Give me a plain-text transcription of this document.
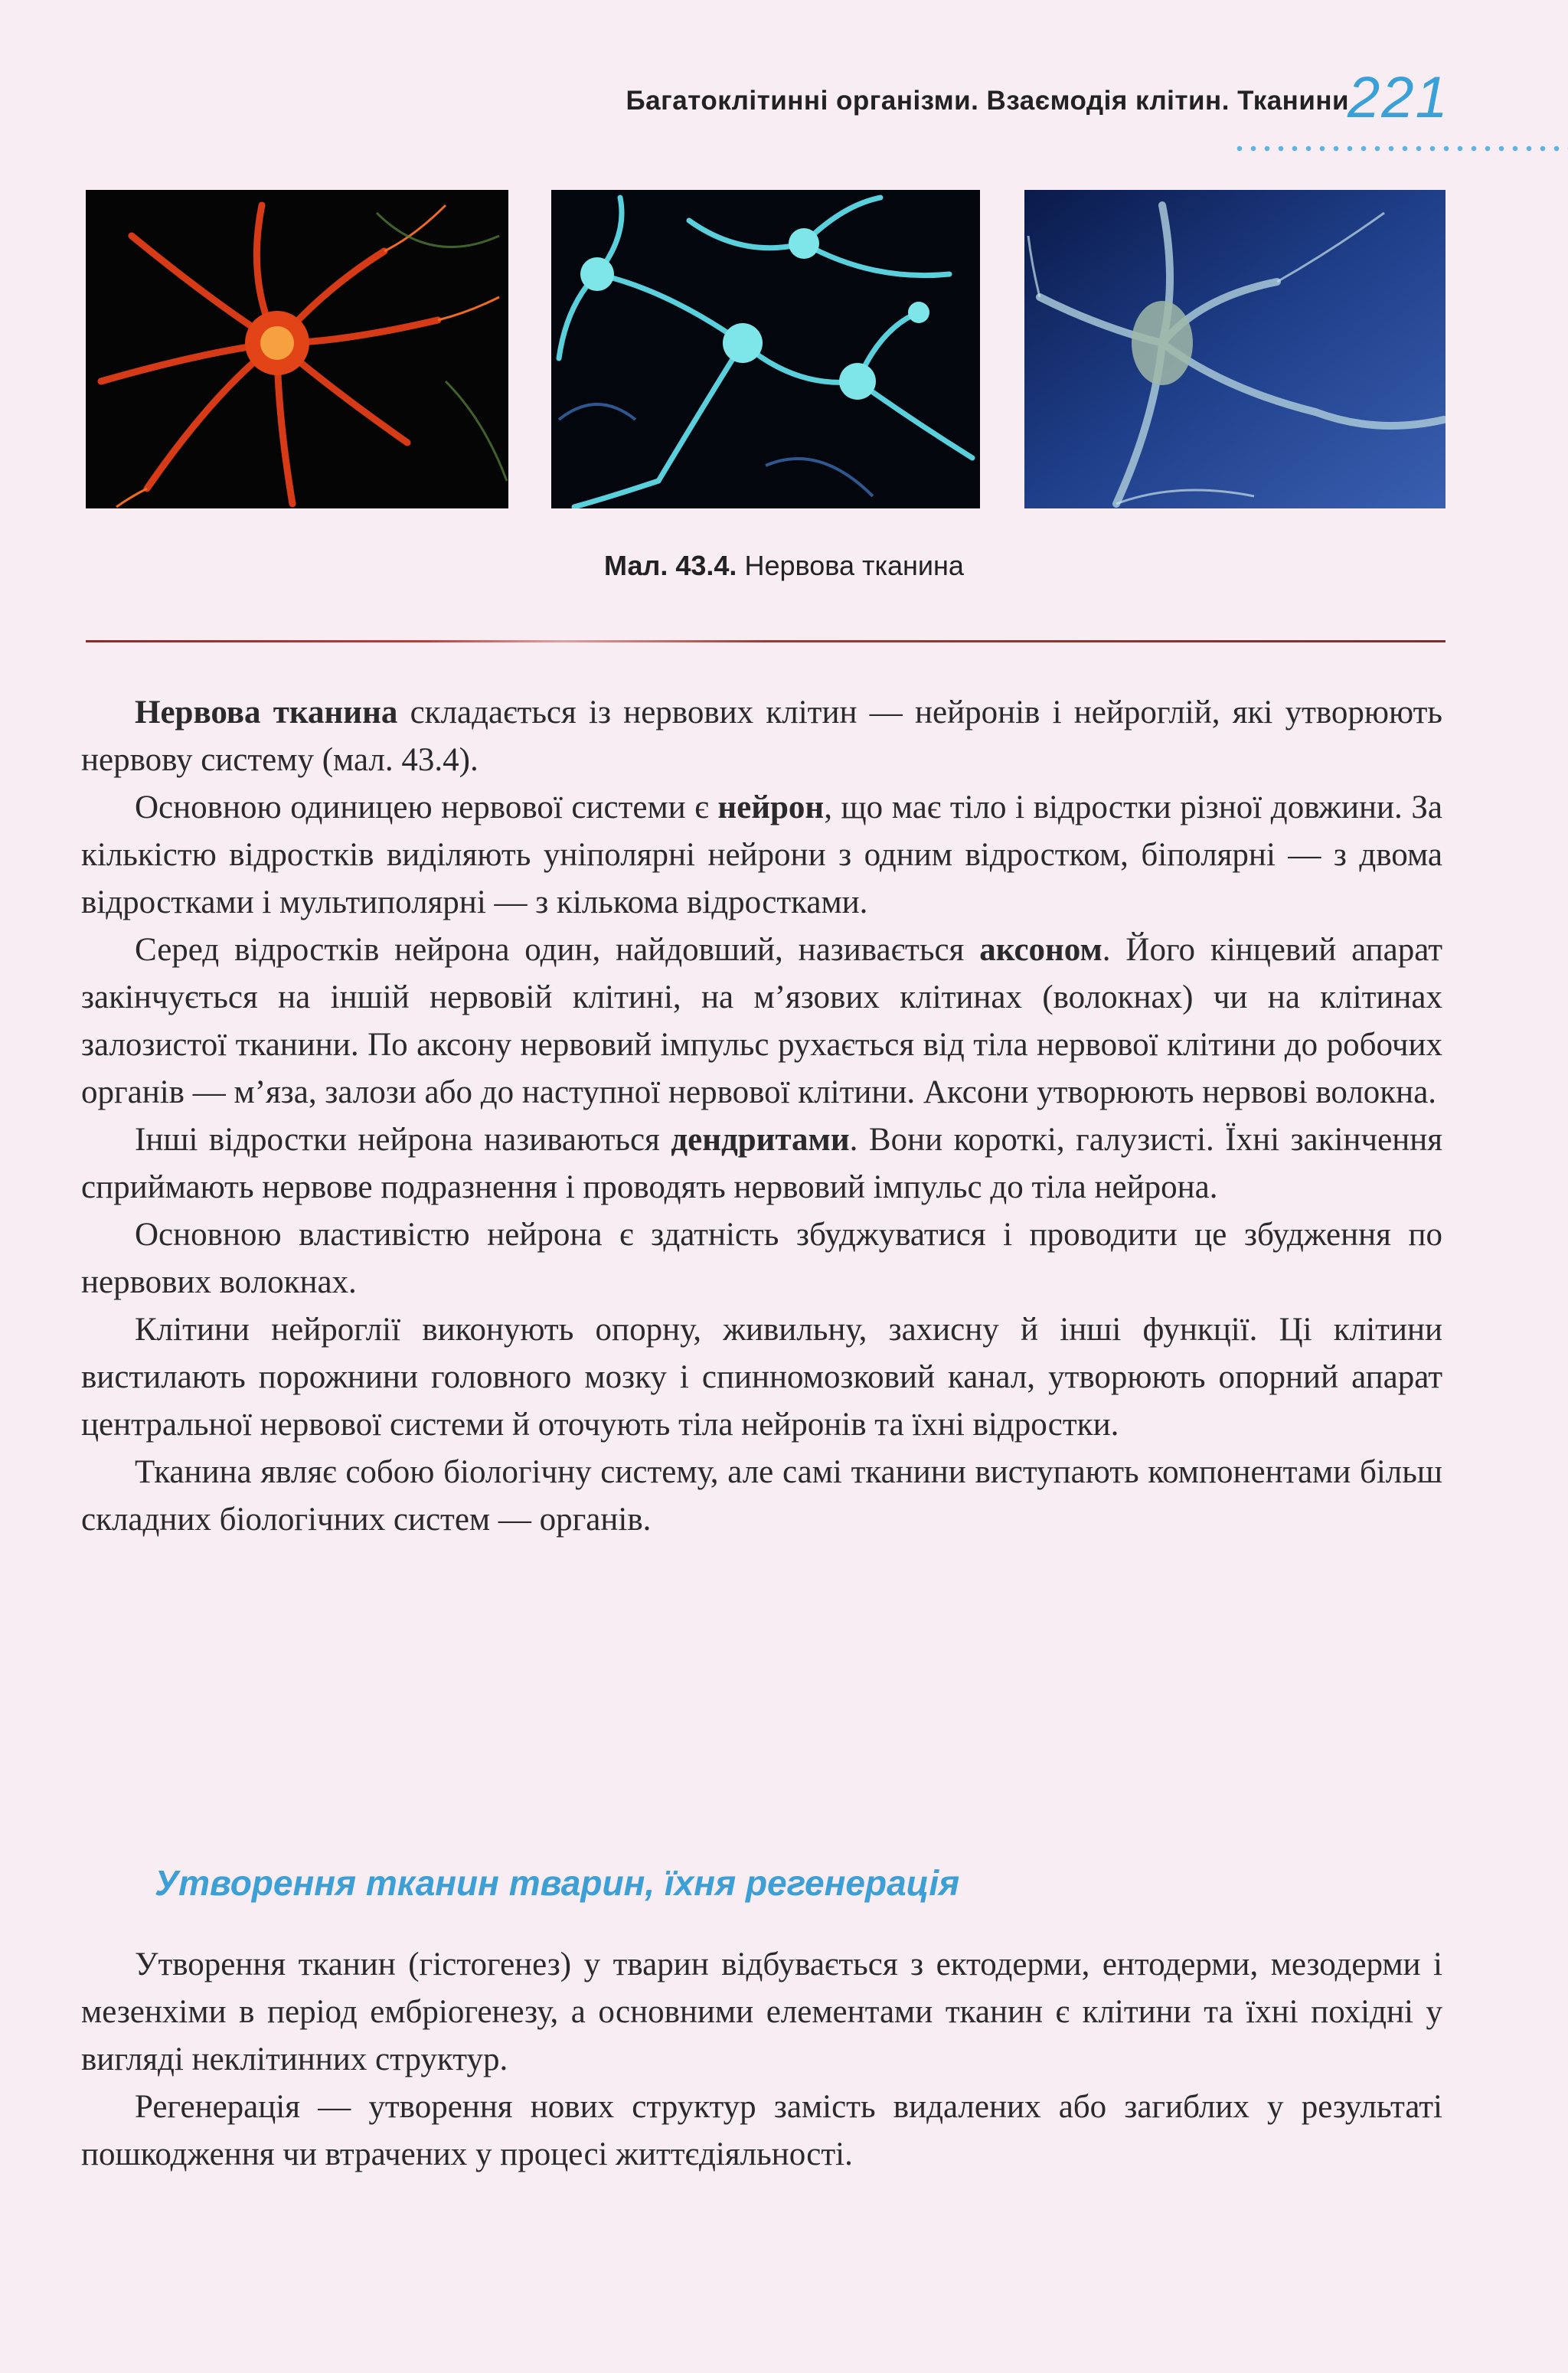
Багатоклітинні організми. Взаємодія клітин. Тканини
221
Мал. 43.4. Нервова тканина

Нервова тканина складається із нервових клітин — нейронів і нейроглій, які утворюють нервову систему (мал. 43.4).

Основною одиницею нервової системи є нейрон, що має тіло і відростки різної довжини. За кількістю відростків виділяють уніполярні нейрони з одним відростком, біполярні — з двома відростками і мультиполярні — з кількома відростками.

Серед відростків нейрона один, найдовший, називається аксоном. Його кінцевий апарат закінчується на іншій нервовій клітині, на м’язових клітинах (волокнах) чи на клітинах залозистої тканини. По аксону нервовий імпульс рухається від тіла нервової клітини до робочих органів — м’яза, залози або до наступної нервової клітини. Аксони утворюють нервові волокна.

Інші відростки нейрона називаються дендритами. Вони короткі, галузисті. Їхні закінчення сприймають нервове подразнення і проводять нервовий імпульс до тіла нейрона.

Основною властивістю нейрона є здатність збуджуватися і проводити це збудження по нервових волокнах.

Клітини нейроглії виконують опорну, живильну, захисну й інші функції. Ці клітини вистилають порожнини головного мозку і спинномозковий канал, утворюють опорний апарат центральної нервової системи й оточують тіла нейронів та їхні відростки.

Тканина являє собою біологічну систему, але самі тканини виступають компонентами більш складних біологічних систем — органів.

Утворення тканин тварин, їхня регенерація

Утворення тканин (гістогенез) у тварин відбувається з ектодерми, ентодерми, мезодерми і мезенхіми в період ембріогенезу, а основними елементами тканин є клітини та їхні похідні у вигляді неклітинних структур.

Регенерація — утворення нових структур замість видалених або загиблих у результаті пошкодження чи втрачених у процесі життєдіяльності.
